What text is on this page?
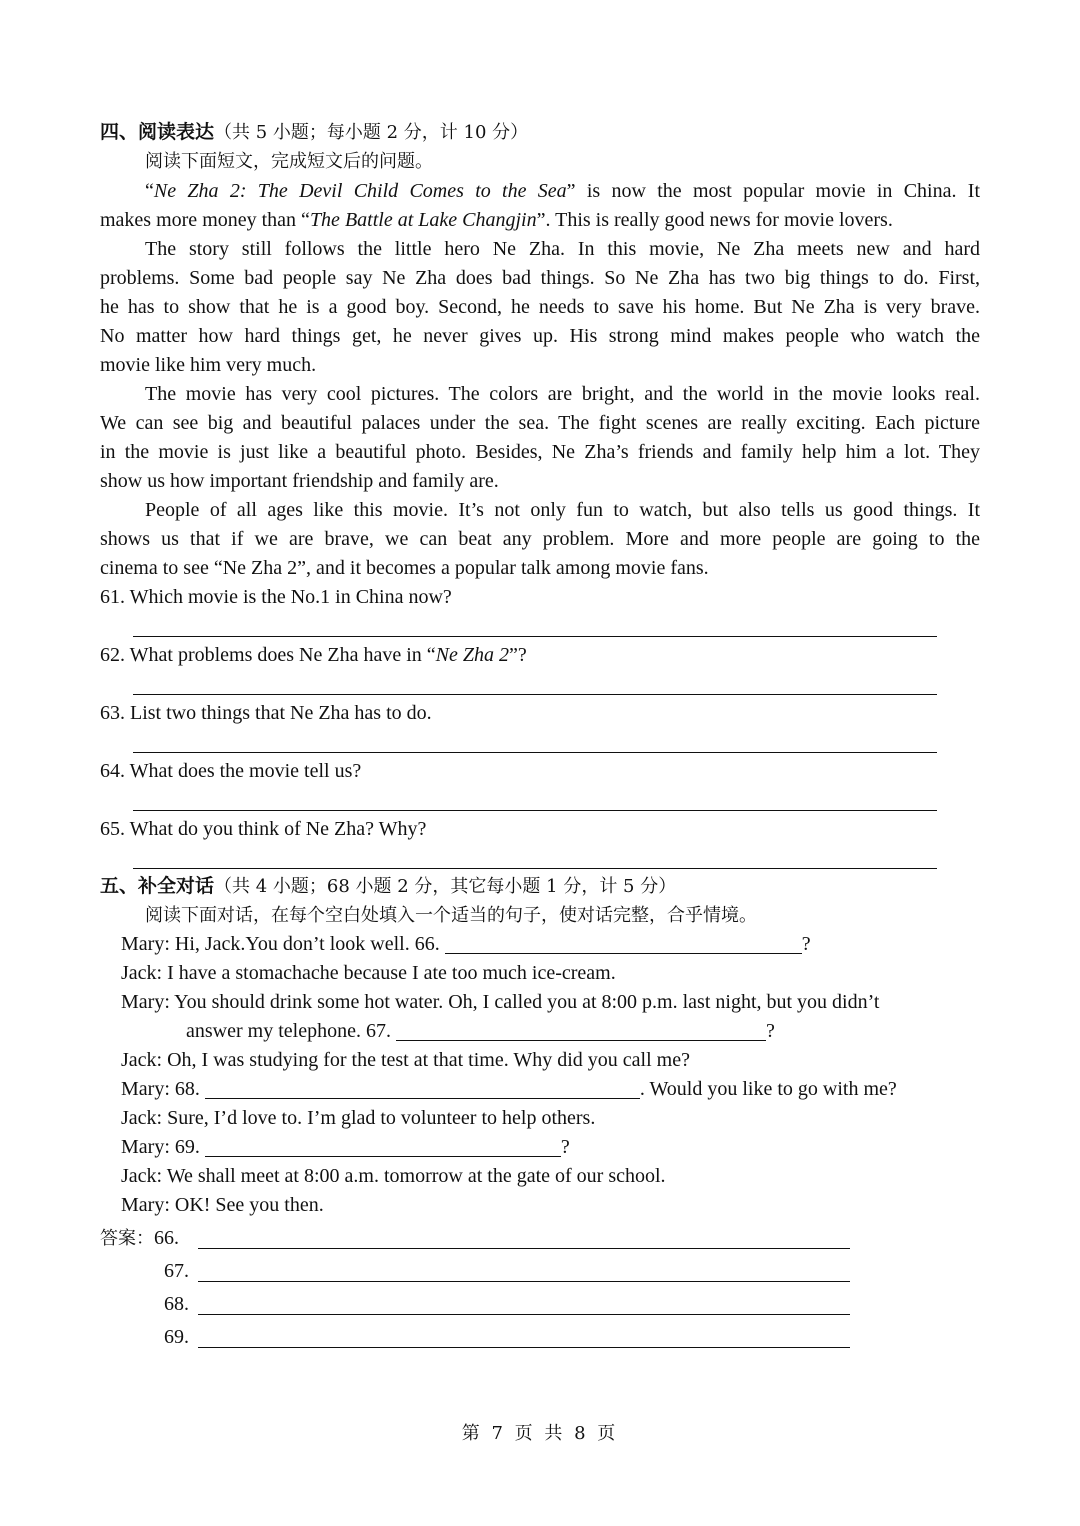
四、阅读表达（共 5 小题；每小题 2 分，计 10 分）
阅读下面短文，完成短文后的问题。
“Ne Zha 2: The Devil Child Comes to the Sea” is now the most popular movie in China. It
makes more money than “The Battle at Lake Changjin”. This is really good news for movie lovers.
The story still follows the little hero Ne Zha. In this movie, Ne Zha meets new and hard
problems. Some bad people say Ne Zha does bad things. So Ne Zha has two big things to do. First,
he has to show that he is a good boy. Second, he needs to save his home. But Ne Zha is very brave.
No matter how hard things get, he never gives up. His strong mind makes people who watch the
movie like him very much.
The movie has very cool pictures. The colors are bright, and the world in the movie looks real.
We can see big and beautiful palaces under the sea. The fight scenes are really exciting. Each picture
in the movie is just like a beautiful photo. Besides, Ne Zha’s friends and family help him a lot. They
show us how important friendship and family are.
People of all ages like this movie. It’s not only fun to watch, but also tells us good things. It
shows us that if we are brave, we can beat any problem. More and more people are going to the
cinema to see “Ne Zha 2”, and it becomes a popular talk among movie fans.
61. Which movie is the No.1 in China now?
62. What problems does Ne Zha have in “Ne Zha 2”?
63. List two things that Ne Zha has to do.
64. What does the movie tell us?
65. What do you think of Ne Zha? Why?
五、补全对话（共 4 小题；68 小题 2 分，其它每小题 1 分，计 5 分）
阅读下面对话，在每个空白处填入一个适当的句子，使对话完整，合乎情境。
Mary: Hi, Jack.You don’t look well. 66.	?
Jack: I have a stomachache because I ate too much ice-cream.
Mary: You should drink some hot water. Oh, I called you at 8:00 p.m. last night, but you didn’t
answer my telephone. 67.	?
Jack: Oh, I was studying for the test at that time. Why did you call me?
Mary: 68.	. Would you like to go with me?
Jack: Sure, I’d love to. I’m glad to volunteer to help others.
Mary: 69.	?
Jack: We shall meet at 8:00 a.m. tomorrow at the gate of our school.
Mary: OK! See you then.
答案：66.
67.
68.
69.
第 7 页 共 8 页
